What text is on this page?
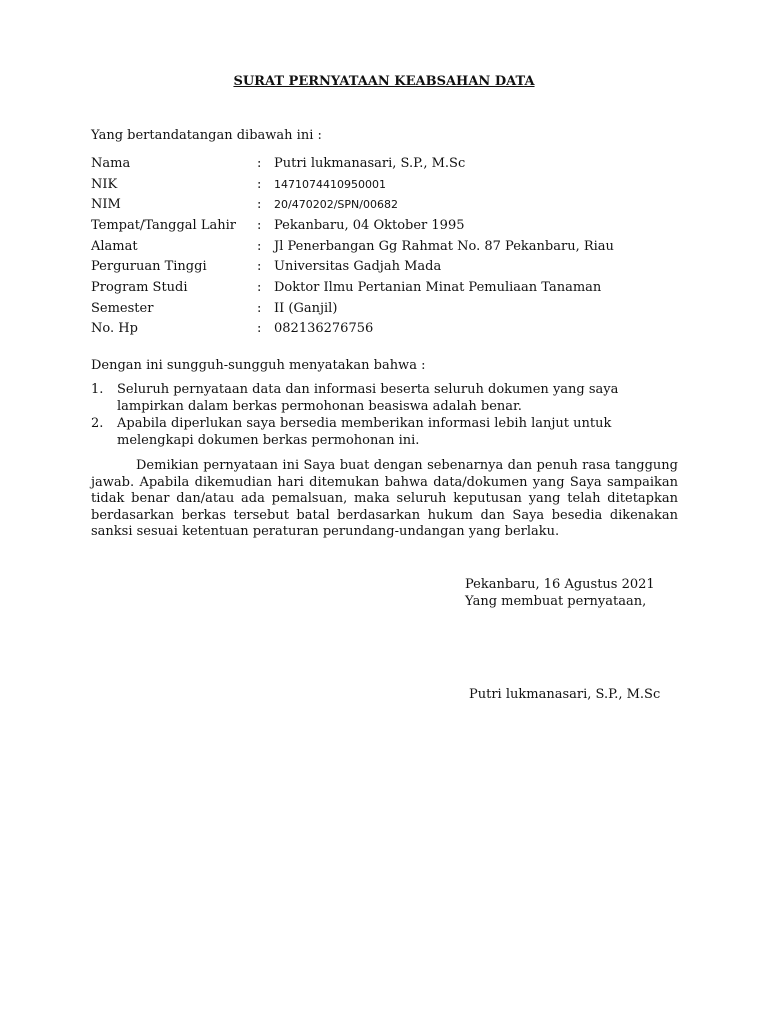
SURAT PERNYATAAN KEABSAHAN DATA
Yang bertandatangan dibawah ini :
Nama	: Putri lukmanasari, S.P., M.Sc
NIK	:	1471074410950001
NIM	:	20/470202/SPN/00682
Tempat/Tanggal Lahir	: Pekanbaru, 04 Oktober 1995
Alamat	: Jl Penerbangan Gg Rahmat No. 87 Pekanbaru, Riau
Perguruan Tinggi	: Universitas Gadjah Mada
Program Studi	: Doktor Ilmu Pertanian Minat Pemuliaan Tanaman
Semester	: II (Ganjil)
No. Hp	: 082136276756
Dengan ini sungguh-sungguh menyatakan bahwa :
1.	Seluruh pernyataan data dan informasi beserta seluruh dokumen yang saya lampirkan dalam berkas permohonan beasiswa adalah benar.
2.	Apabila diperlukan saya bersedia memberikan informasi lebih lanjut untuk melengkapi dokumen berkas permohonan ini.

Demikian pernyataan ini Saya buat dengan sebenarnya dan penuh rasa tanggung jawab. Apabila dikemudian hari ditemukan bahwa data/dokumen yang Saya sampaikan tidak benar dan/atau ada pemalsuan, maka seluruh keputusan yang telah ditetapkan berdasarkan berkas tersebut batal berdasarkan hukum dan Saya besedia dikenakan sanksi sesuai ketentuan peraturan perundang-undangan yang berlaku.

Pekanbaru, 16 Agustus 2021
Yang membuat pernyataan,
Putri lukmanasari, S.P., M.Sc
